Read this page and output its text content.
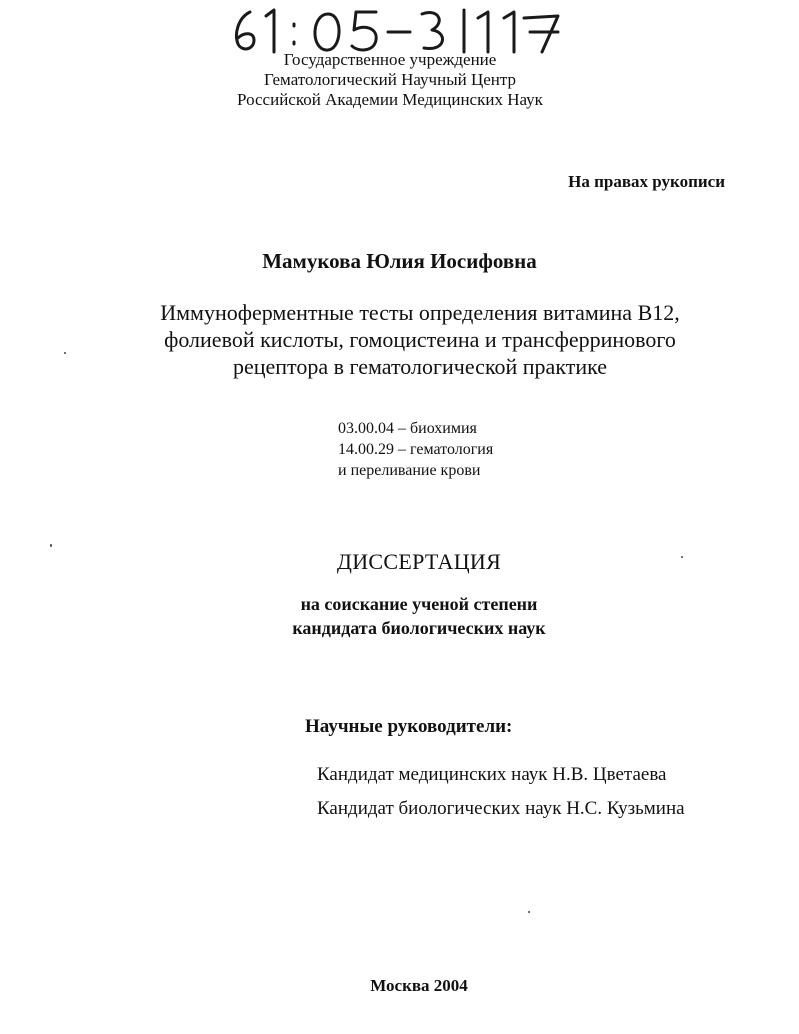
Государственное учреждение
Гематологический Научный Центр
Российской Академии Медицинских Наук
На правах рукописи
Мамукова Юлия Иосифовна
Иммуноферментные тесты определения витамина В12,
фолиевой кислоты, гомоцистеина и трансферринового
рецептора в гематологической практике
03.00.04 – биохимия
14.00.29 – гематология
и переливание крови
ДИССЕРТАЦИЯ
на соискание ученой степени
кандидата биологических наук
Научные руководители:
Кандидат медицинских наук Н.В. Цветаева
Кандидат биологических наук Н.С. Кузьмина
Москва 2004
